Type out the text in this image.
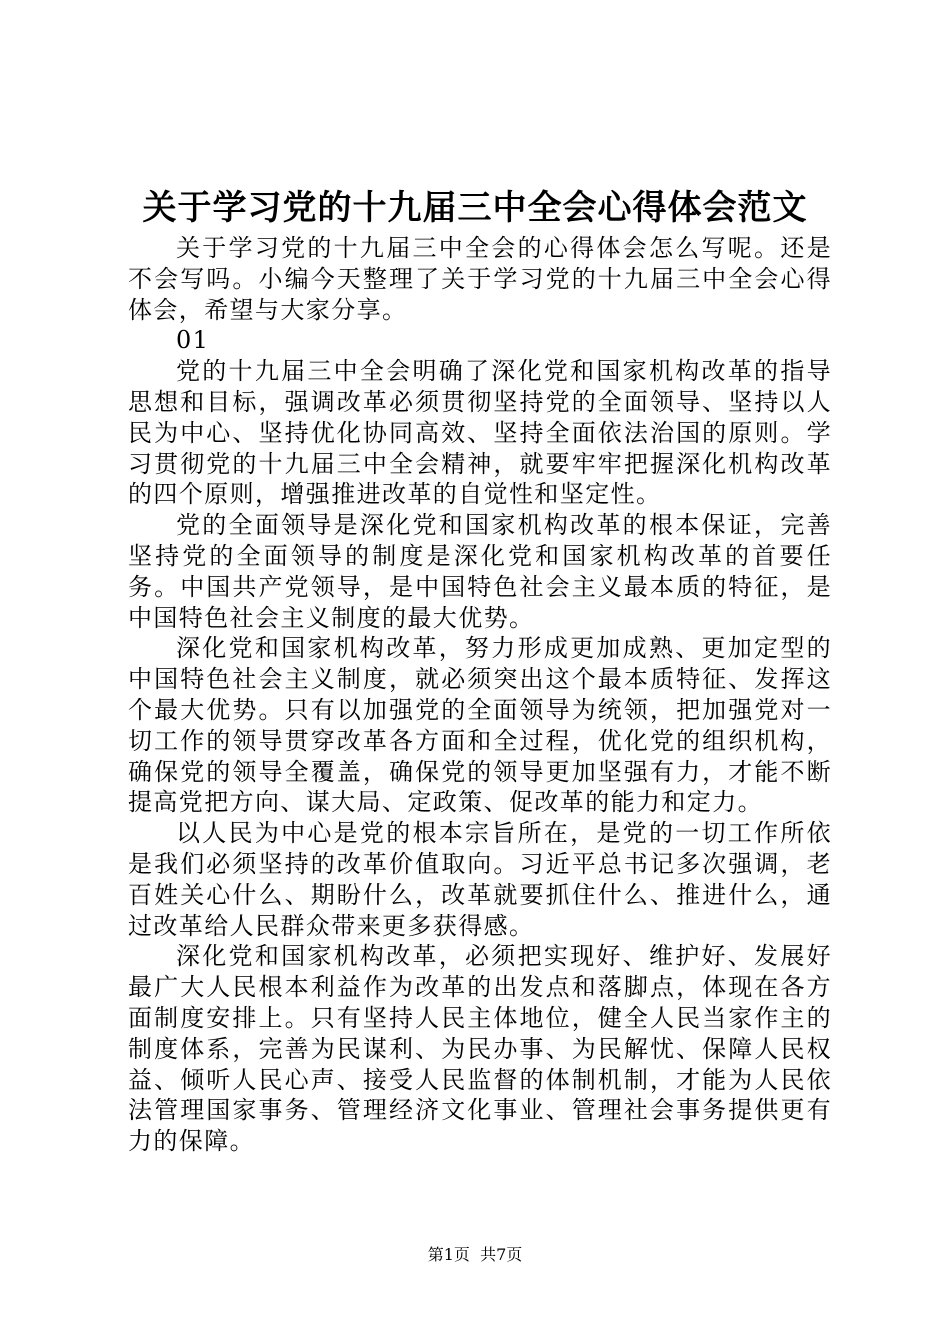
关于学习党的十九届三中全会心得体会范文

关于学习党的十九届三中全会的心得体会怎么写呢。还是不会写吗。小编今天整理了关于学习党的十九届三中全会心得体会，希望与大家分享。

01

党的十九届三中全会明确了深化党和国家机构改革的指导思想和目标，强调改革必须贯彻坚持党的全面领导、坚持以人民为中心、坚持优化协同高效、坚持全面依法治国的原则。学习贯彻党的十九届三中全会精神，就要牢牢把握深化机构改革的四个原则，增强推进改革的自觉性和坚定性。

党的全面领导是深化党和国家机构改革的根本保证，完善坚持党的全面领导的制度是深化党和国家机构改革的首要任务。中国共产党领导，是中国特色社会主义最本质的特征，是中国特色社会主义制度的最大优势。

深化党和国家机构改革，努力形成更加成熟、更加定型的中国特色社会主义制度，就必须突出这个最本质特征、发挥这个最大优势。只有以加强党的全面领导为统领，把加强党对一切工作的领导贯穿改革各方面和全过程，优化党的组织机构，确保党的领导全覆盖，确保党的领导更加坚强有力，才能不断提高党把方向、谋大局、定政策、促改革的能力和定力。

以人民为中心是党的根本宗旨所在，是党的一切工作所依是我们必须坚持的改革价值取向。习近平总书记多次强调，老百姓关心什么、期盼什么，改革就要抓住什么、推进什么，通过改革给人民群众带来更多获得感。

深化党和国家机构改革，必须把实现好、维护好、发展好最广大人民根本利益作为改革的出发点和落脚点，体现在各方面制度安排上。只有坚持人民主体地位，健全人民当家作主的制度体系，完善为民谋利、为民办事、为民解忧、保障人民权益、倾听人民心声、接受人民监督的体制机制，才能为人民依法管理国家事务、管理经济文化事业、管理社会事务提供更有力的保障。

第1页  共7页
